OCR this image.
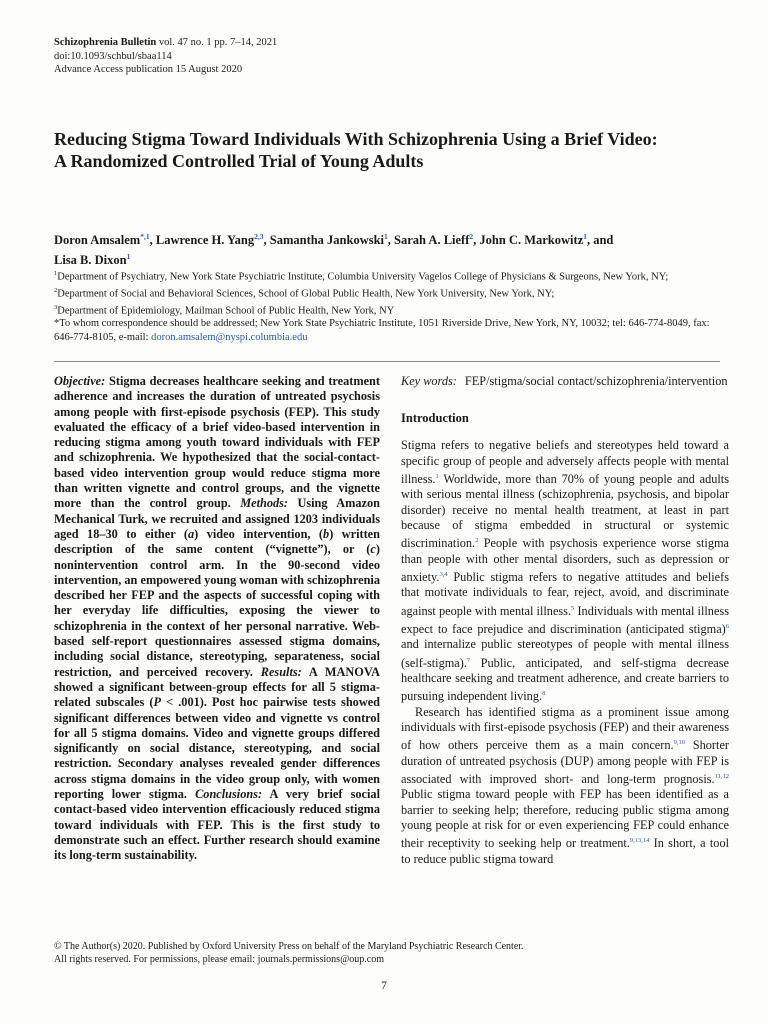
Schizophrenia Bulletin vol. 47 no. 1 pp. 7–14, 2021
doi:10.1093/schbul/sbaa114
Advance Access publication 15 August 2020
Reducing Stigma Toward Individuals With Schizophrenia Using a Brief Video:
A Randomized Controlled Trial of Young Adults
Doron Amsalem$^{*,1}$, Lawrence H. Yang$^{2,3}$, Samantha Jankowski$^1$, Sarah A. Lieff$^2$, John C. Markowitz$^1$, and
Lisa B. Dixon$^1$
$^1$Department of Psychiatry, New York State Psychiatric Institute, Columbia University Vagelos College of Physicians & Surgeons, New York, NY; $^2$Department of Social and Behavioral Sciences, School of Global Public Health, New York University, New York, NY;
$^3$Department of Epidemiology, Mailman School of Public Health, New York, NY
*To whom correspondence should be addressed; New York State Psychiatric Institute, 1051 Riverside Drive, New York, NY, 10032; tel: 646-774-8049, fax: 646-774-8105, e-mail: doron.amsalem@nyspi.columbia.edu
Objective: Stigma decreases healthcare seeking and treatment adherence and increases the duration of untreated psychosis among people with first-episode psychosis (FEP). This study evaluated the efficacy of a brief video-based intervention in reducing stigma among youth toward individuals with FEP and schizophrenia. We hypothesized that the social-contact-based video intervention group would reduce stigma more than written vignette and control groups, and the vignette more than the control group. Methods: Using Amazon Mechanical Turk, we recruited and assigned 1203 individuals aged 18–30 to either (a) video intervention, (b) written description of the same content (“vignette”), or (c) nonintervention control arm. In the 90-second video intervention, an empowered young woman with schizophrenia described her FEP and the aspects of successful coping with her everyday life difficulties, exposing the viewer to schizophrenia in the context of her personal narrative. Web-based self-report questionnaires assessed stigma domains, including social distance, stereotyping, separateness, social restriction, and perceived recovery. Results: A MANOVA showed a significant between-group effects for all 5 stigma-related subscales (P < .001). Post hoc pairwise tests showed significant differences between video and vignette vs control for all 5 stigma domains. Video and vignette groups differed significantly on social distance, stereotyping, and social restriction. Secondary analyses revealed gender differences across stigma domains in the video group only, with women reporting lower stigma. Conclusions: A very brief social contact-based video intervention efficaciously reduced stigma toward individuals with FEP. This is the first study to demonstrate such an effect. Further research should examine its long-term sustainability.
Key words: FEP/stigma/social contact/schizophrenia/intervention
Introduction

Stigma refers to negative beliefs and stereotypes held toward a specific group of people and adversely affects people with mental illness.$^1$ Worldwide, more than 70% of young people and adults with serious mental illness (schizophrenia, psychosis, and bipolar disorder) receive no mental health treatment, at least in part because of stigma embedded in structural or systemic discrimination.$^2$ People with psychosis experience worse stigma than people with other mental disorders, such as depression or anxiety.$^{3,4}$ Public stigma refers to negative attitudes and beliefs that motivate individuals to fear, reject, avoid, and discriminate against people with mental illness.$^5$ Individuals with mental illness expect to face prejudice and discrimination (anticipated stigma)$^6$ and internalize public stereotypes of people with mental illness (self-stigma).$^7$ Public, anticipated, and self-stigma decrease healthcare seeking and treatment adherence, and create barriers to pursuing independent living.$^8$

Research has identified stigma as a prominent issue among individuals with first-episode psychosis (FEP) and their awareness of how others perceive them as a main concern.$^{9,10}$ Shorter duration of untreated psychosis (DUP) among people with FEP is associated with improved short- and long-term prognosis.$^{11,12}$ Public stigma toward people with FEP has been identified as a barrier to seeking help; therefore, reducing public stigma among young people at risk for or even experiencing FEP could enhance their receptivity to seeking help or treatment.$^{9,13,14}$ In short, a tool to reduce public stigma toward

© The Author(s) 2020. Published by Oxford University Press on behalf of the Maryland Psychiatric Research Center.
All rights reserved. For permissions, please email: journals.permissions@oup.com
7
